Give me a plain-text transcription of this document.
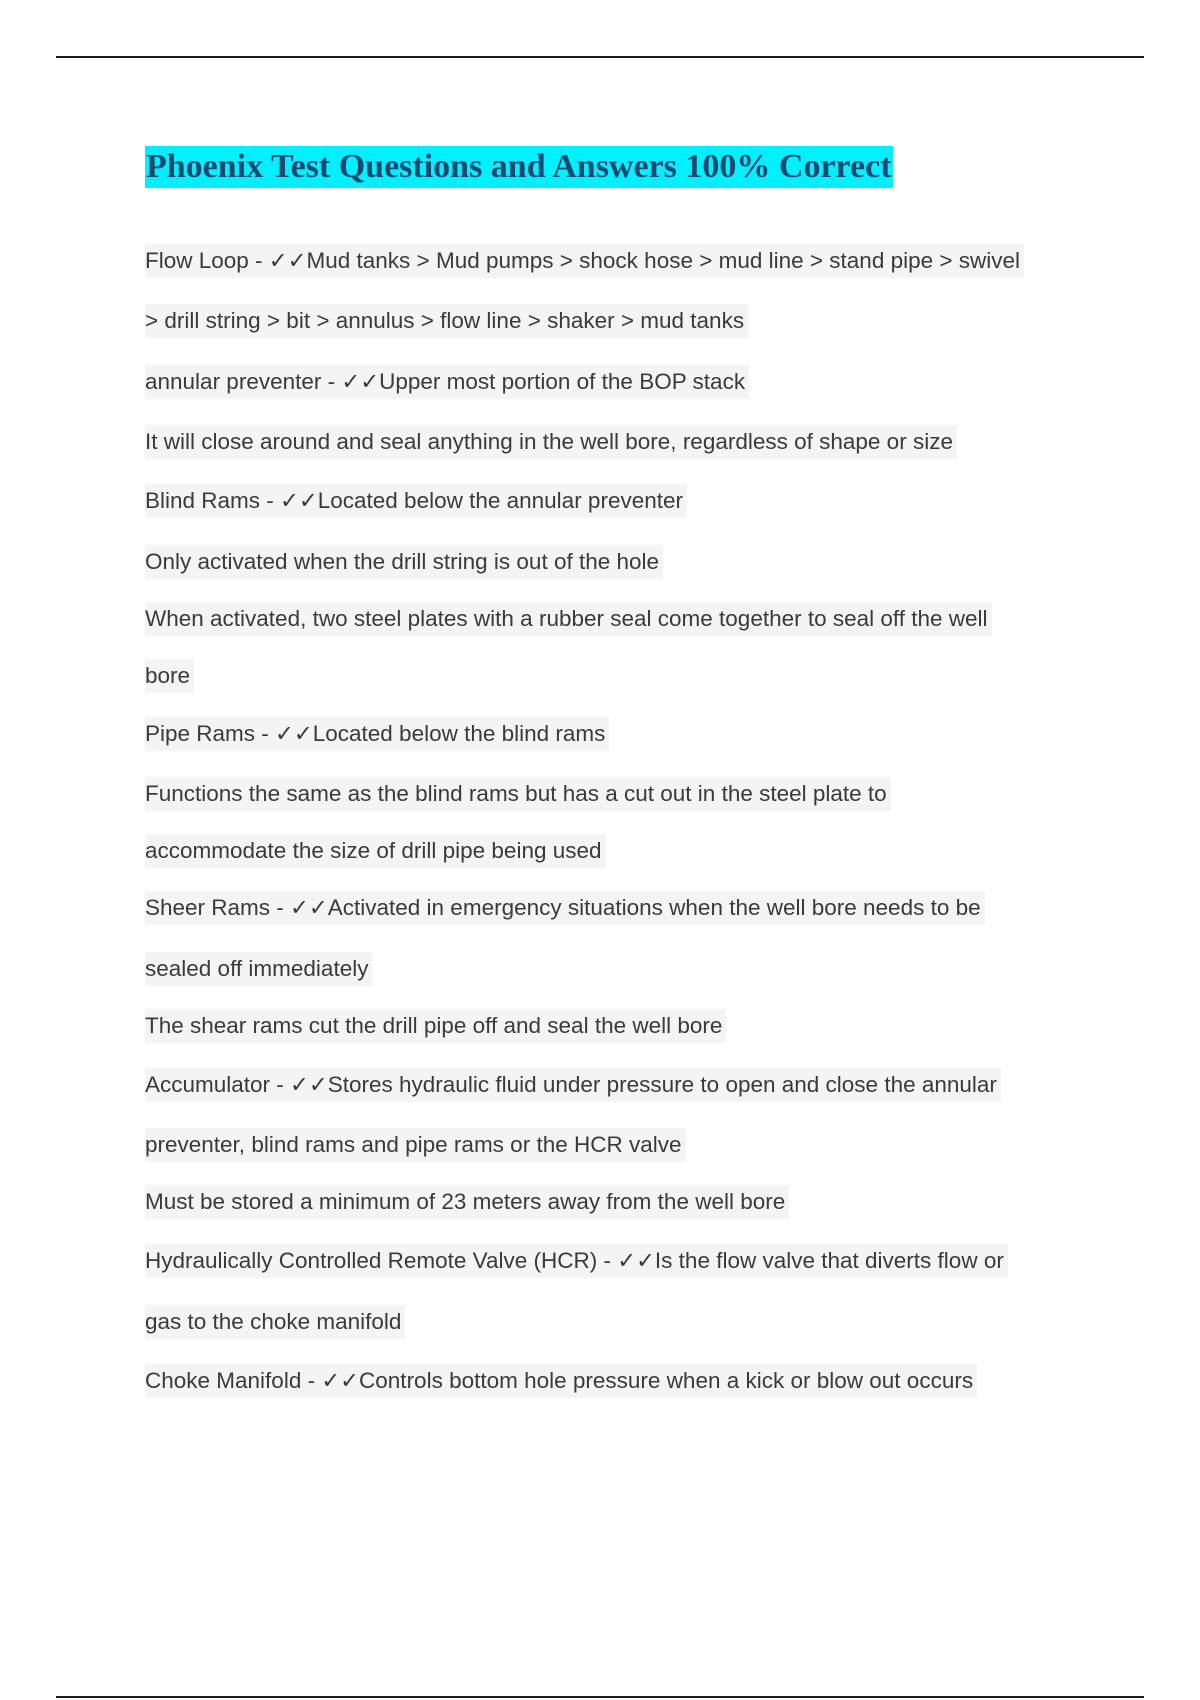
Phoenix Test Questions and Answers 100% Correct
Flow Loop - ✓✓Mud tanks > Mud pumps > shock hose > mud line > stand pipe > swivel
> drill string > bit > annulus > flow line > shaker > mud tanks
annular preventer - ✓✓Upper most portion of the BOP stack
It will close around and seal anything in the well bore, regardless of shape or size
Blind Rams - ✓✓Located below the annular preventer
Only activated when the drill string is out of the hole
When activated, two steel plates with a rubber seal come together to seal off the well
bore
Pipe Rams - ✓✓Located below the blind rams
Functions the same as the blind rams but has a cut out in the steel plate to
accommodate the size of drill pipe being used
Sheer Rams - ✓✓Activated in emergency situations when the well bore needs to be
sealed off immediately
The shear rams cut the drill pipe off and seal the well bore
Accumulator - ✓✓Stores hydraulic fluid under pressure to open and close the annular
preventer, blind rams and pipe rams or the HCR valve
Must be stored a minimum of 23 meters away from the well bore
Hydraulically Controlled Remote Valve (HCR) - ✓✓Is the flow valve that diverts flow or
gas to the choke manifold
Choke Manifold - ✓✓Controls bottom hole pressure when a kick or blow out occurs
